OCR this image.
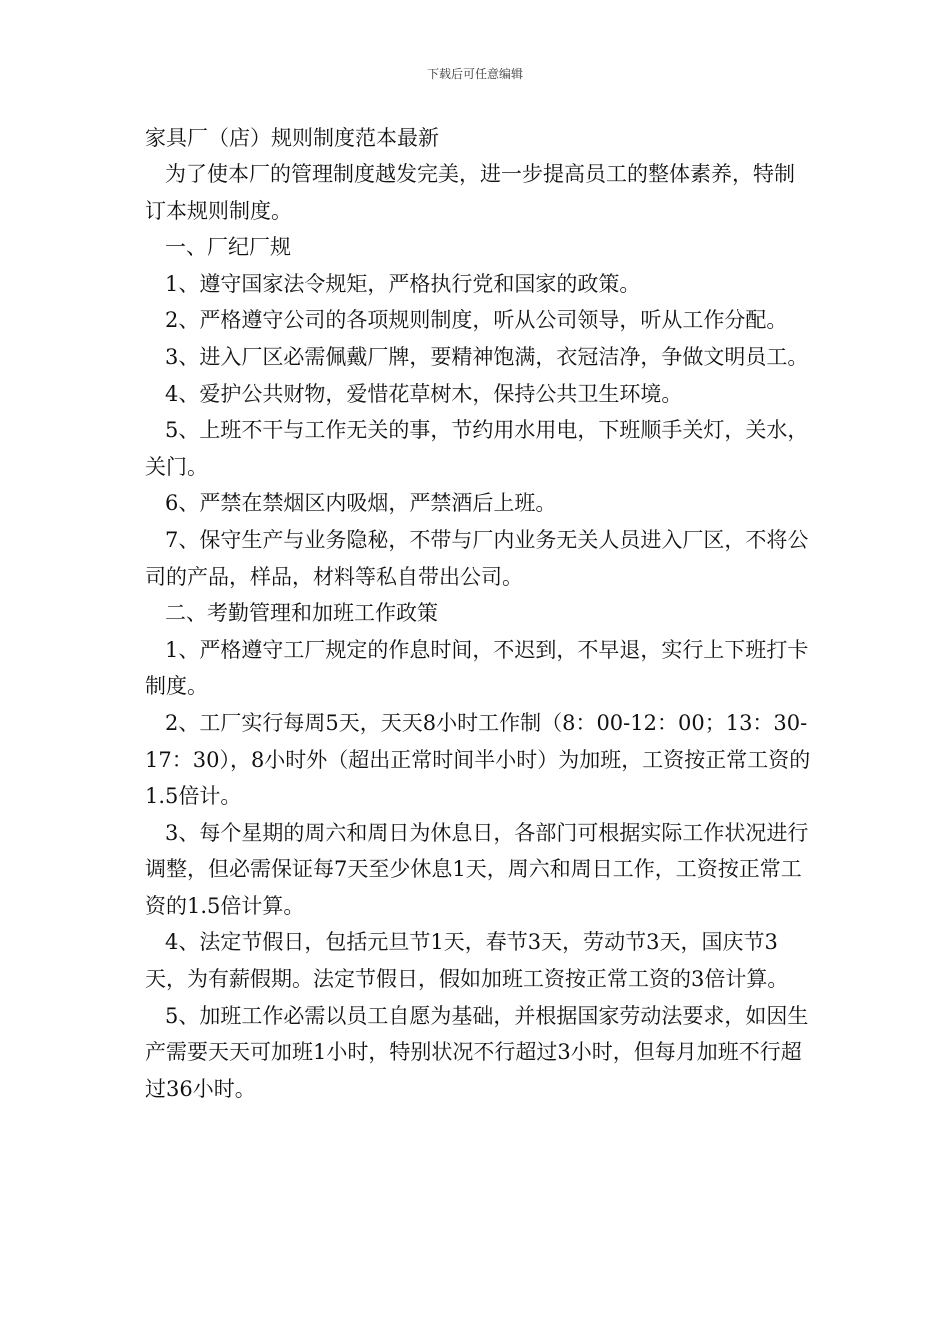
下载后可任意编辑
家具厂（店）规则制度范本最新

为了使本厂的管理制度越发完美，进一步提高员工的整体素养，特制订本规则制度。

一、厂纪厂规

1、遵守国家法令规矩，严格执行党和国家的政策。

2、严格遵守公司的各项规则制度，听从公司领导，听从工作分配。

3、进入厂区必需佩戴厂牌，要精神饱满，衣冠洁净，争做文明员工。

4、爱护公共财物，爱惜花草树木，保持公共卫生环境。

5、上班不干与工作无关的事，节约用水用电，下班顺手关灯，关水，关门。

6、严禁在禁烟区内吸烟，严禁酒后上班。

7、保守生产与业务隐秘，不带与厂内业务无关人员进入厂区，不将公司的产品，样品，材料等私自带出公司。

二、考勤管理和加班工作政策

1、严格遵守工厂规定的作息时间，不迟到，不早退，实行上下班打卡制度。

2、工厂实行每周5天，天天8小时工作制（8：00-12：00；13：30-17：30），8小时外（超出正常时间半小时）为加班，工资按正常工资的1.5倍计。

3、每个星期的周六和周日为休息日，各部门可根据实际工作状况进行调整，但必需保证每7天至少休息1天，周六和周日工作，工资按正常工资的1.5倍计算。

4、法定节假日，包括元旦节1天，春节3天，劳动节3天，国庆节3天，为有薪假期。法定节假日，假如加班工资按正常工资的3倍计算。

5、加班工作必需以员工自愿为基础，并根据国家劳动法要求，如因生产需要天天可加班1小时，特别状况不行超过3小时，但每月加班不行超过36小时。
